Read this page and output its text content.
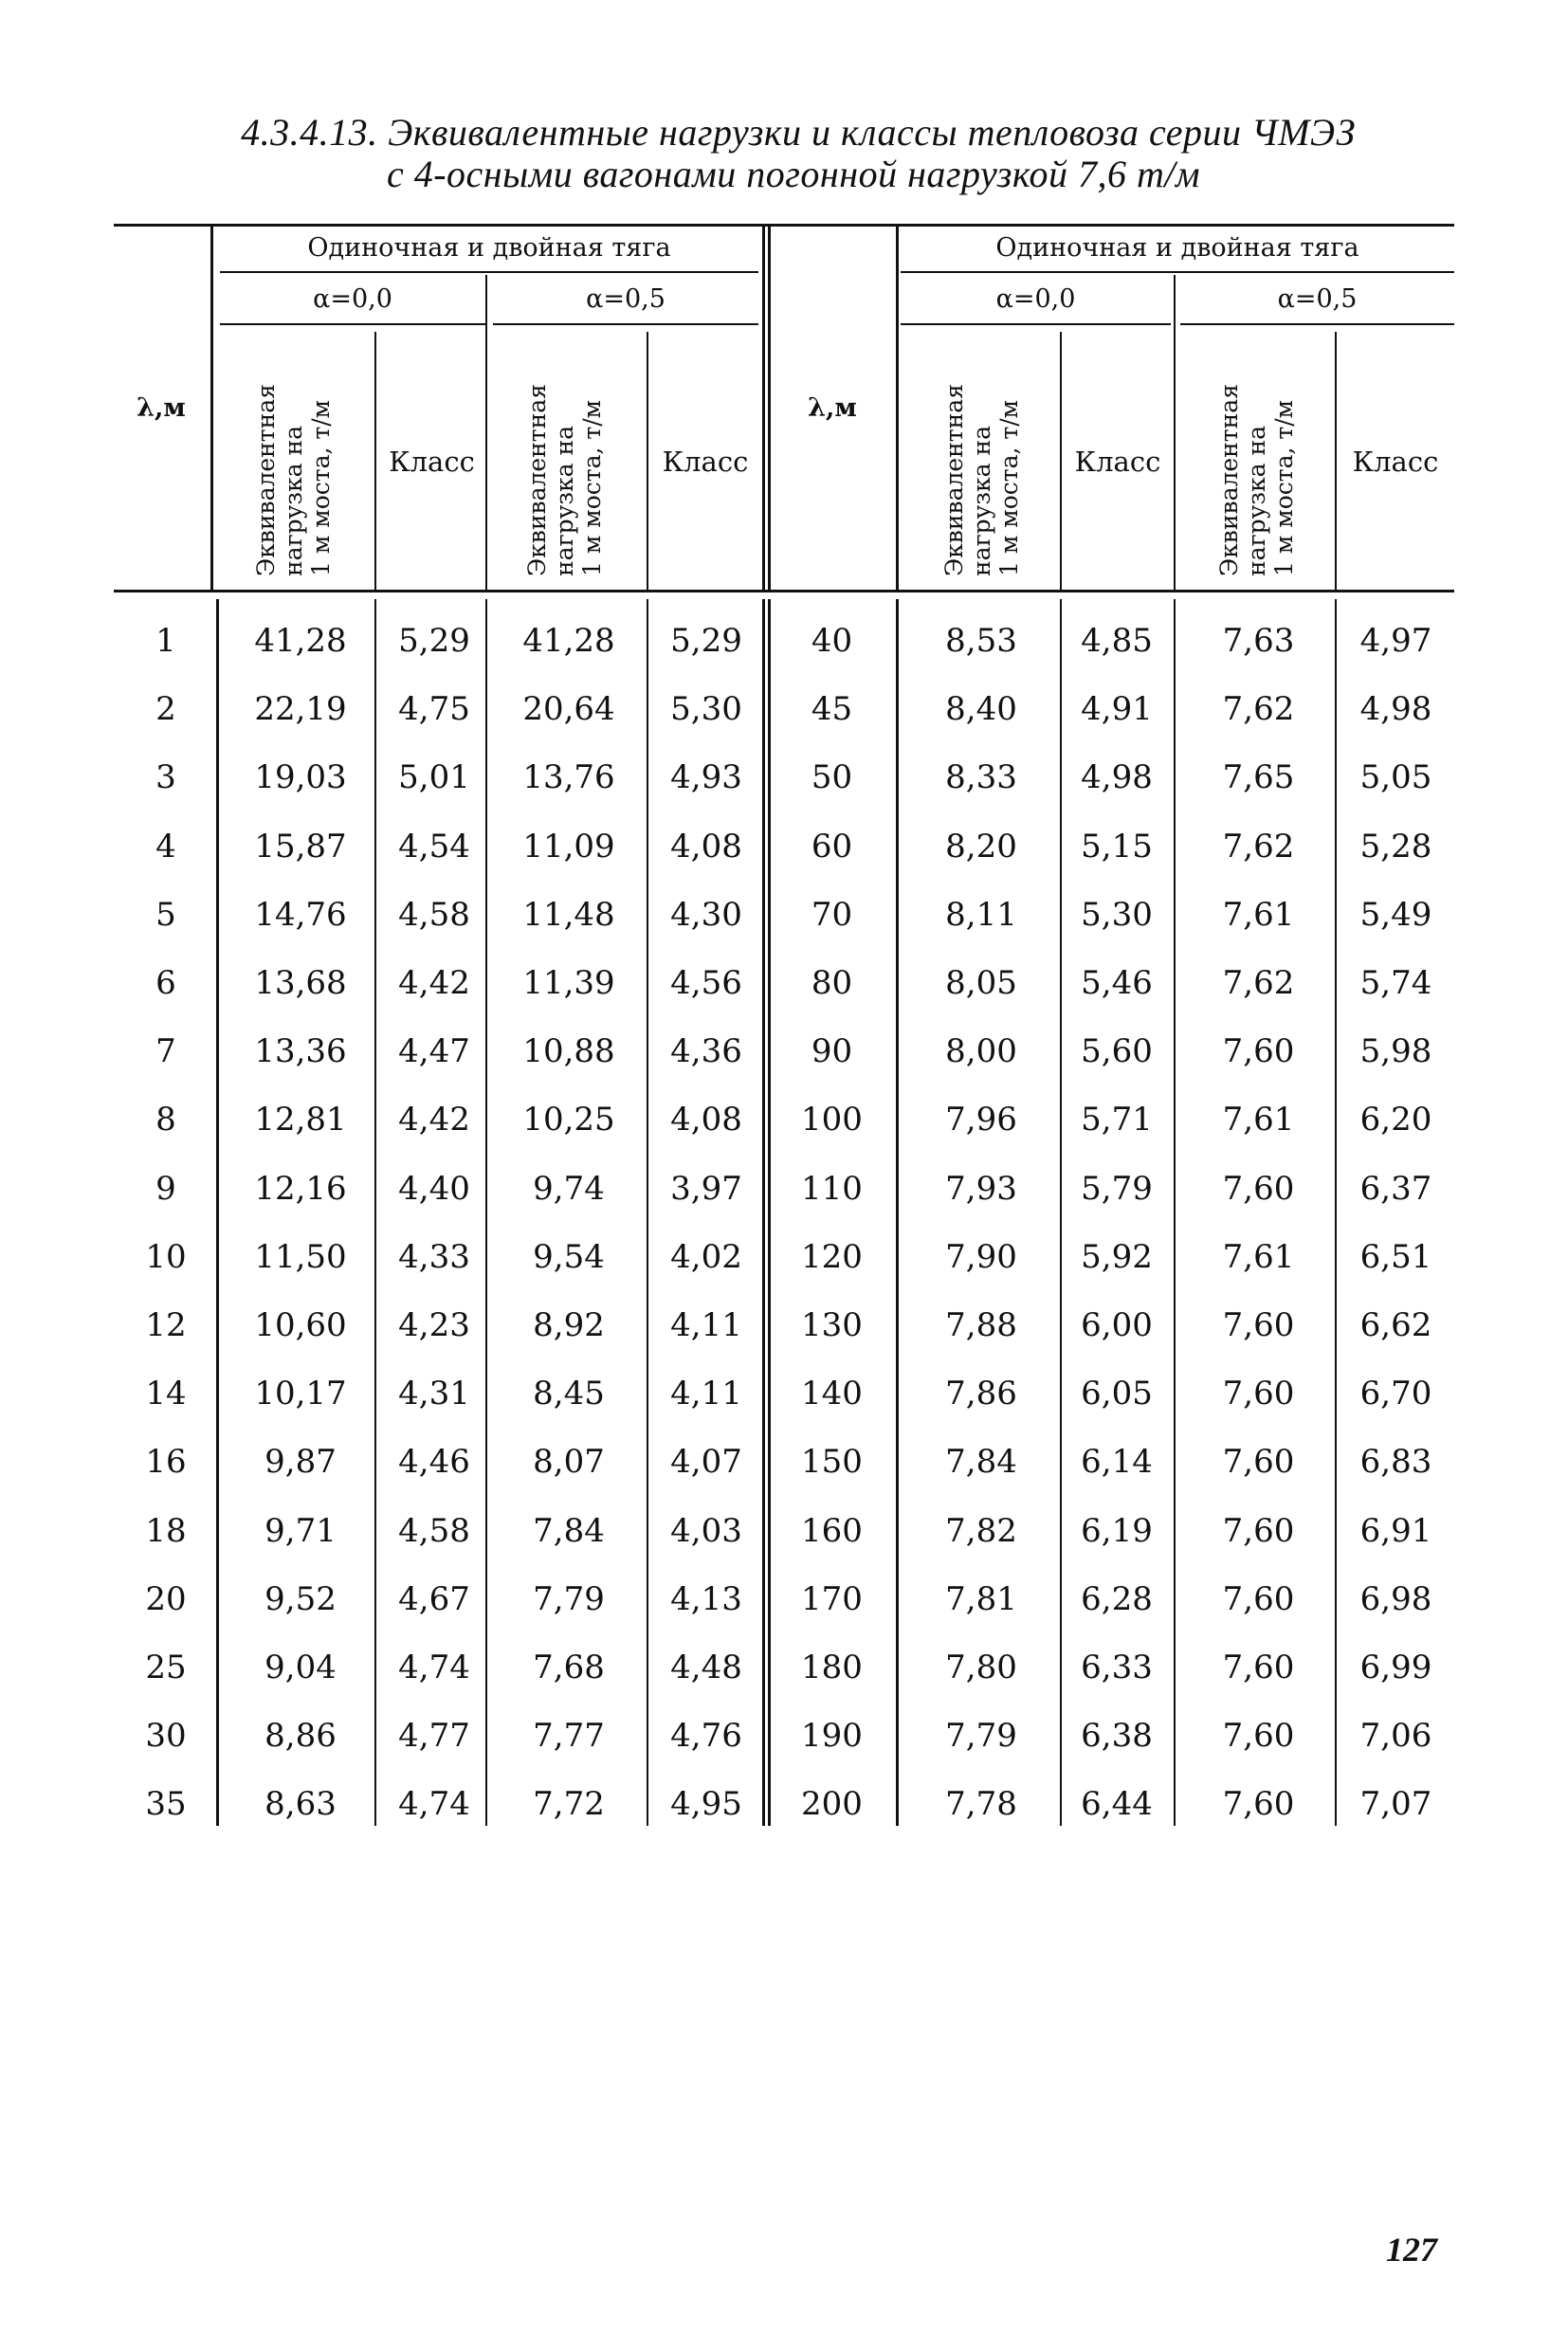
4.3.4.13. Эквивалентные нагрузки и классы тепловоза серии ЧМЭЗ
с 4-осными вагонами погонной нагрузкой 7,6 т/м
Одиночная и двойная тяга
α=0,0	α=0,5
λ,м	Эквивалентная нагрузка на 1 м моста, т/м	Класс	Эквивалентная нагрузка на 1 м моста, т/м	Класс
Одиночная и двойная тяга
α=0,0	α=0,5
λ,м	Эквивалентная нагрузка на 1 м моста, т/м	Класс	Эквивалентная нагрузка на 1 м моста, т/м	Класс
1	41,28	5,29	41,28	5,29	40	8,53	4,85	7,63	4,97
2	22,19	4,75	20,64	5,30	45	8,40	4,91	7,62	4,98
3	19,03	5,01	13,76	4,93	50	8,33	4,98	7,65	5,05
4	15,87	4,54	11,09	4,08	60	8,20	5,15	7,62	5,28
5	14,76	4,58	11,48	4,30	70	8,11	5,30	7,61	5,49
6	13,68	4,42	11,39	4,56	80	8,05	5,46	7,62	5,74
7	13,36	4,47	10,88	4,36	90	8,00	5,60	7,60	5,98
8	12,81	4,42	10,25	4,08	100	7,96	5,71	7,61	6,20
9	12,16	4,40	9,74	3,97	110	7,93	5,79	7,60	6,37
10	11,50	4,33	9,54	4,02	120	7,90	5,92	7,61	6,51
12	10,60	4,23	8,92	4,11	130	7,88	6,00	7,60	6,62
14	10,17	4,31	8,45	4,11	140	7,86	6,05	7,60	6,70
16	9,87	4,46	8,07	4,07	150	7,84	6,14	7,60	6,83
18	9,71	4,58	7,84	4,03	160	7,82	6,19	7,60	6,91
20	9,52	4,67	7,79	4,13	170	7,81	6,28	7,60	6,98
25	9,04	4,74	7,68	4,48	180	7,80	6,33	7,60	6,99
30	8,86	4,77	7,77	4,76	190	7,79	6,38	7,60	7,06
35	8,63	4,74	7,72	4,95	200	7,78	6,44	7,60	7,07
127
